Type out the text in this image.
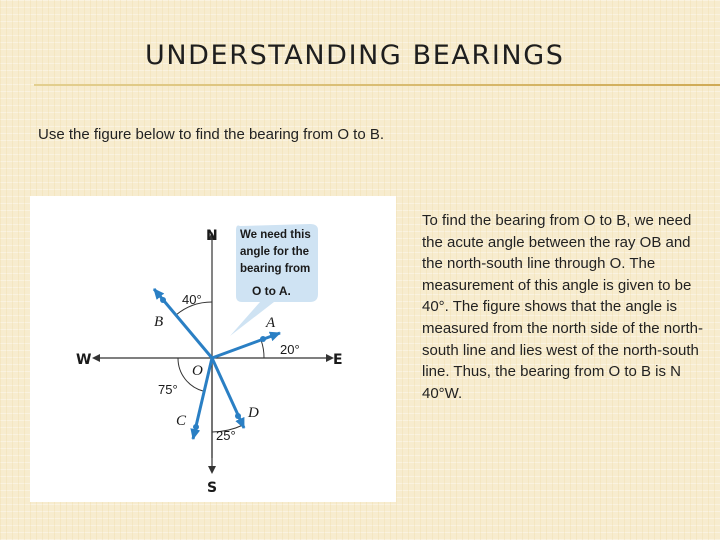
UNDERSTANDING BEARINGS
Use the figure below to find the bearing from O to B.
We need this
angle for the
bearing from
O to A.
N
S
E
W
B	A
C	D
O
40°
20°
75°
25°
To find the bearing from O to B, we need the acute angle between the ray OB and the north-south line through O. The measurement of this angle is given to be 40°. The figure shows that the angle is measured from the north side of the north-south line and lies west of the north-south line. Thus, the bearing from O to B is N 40°W.
